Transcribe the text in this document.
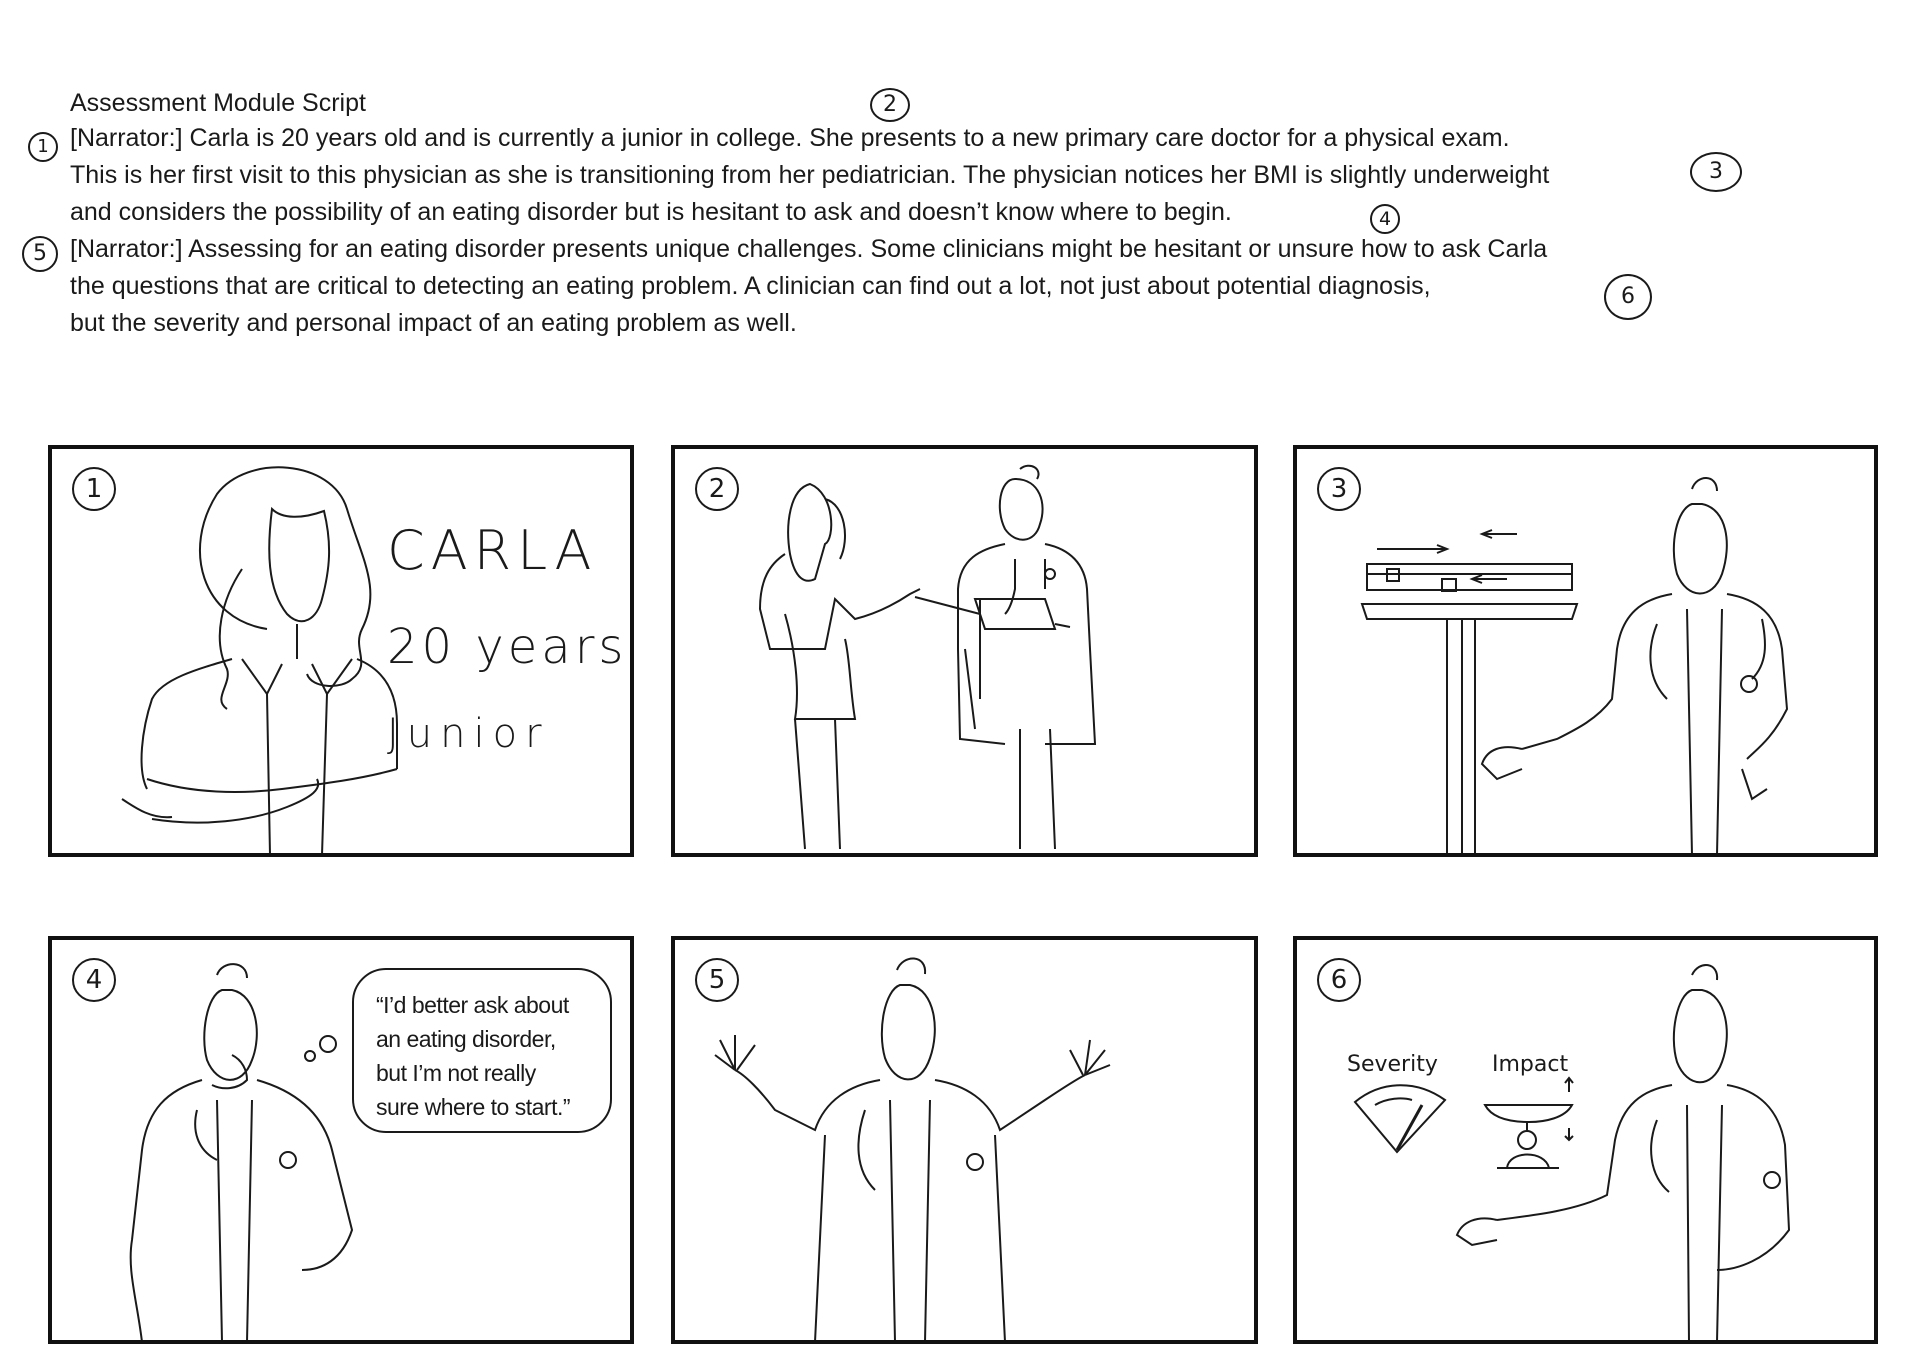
Assessment Module Script

[Narrator:] Carla is 20 years old and is currently a junior in college. She presents to a new primary care doctor for a physical exam.

This is her first visit to this physician as she is transitioning from her pediatrician. The physician notices her BMI is slightly underweight

and considers the possibility of an eating disorder but is hesitant to ask and doesn’t know where to begin.

[Narrator:] Assessing for an eating disorder presents unique challenges. Some clinicians might be hesitant or unsure how to ask Carla

the questions that are critical to detecting an eating problem. A clinician can find out a lot, not just about potential diagnosis,

but the severity and personal impact of an eating problem as well.

1
2
3
4
5
6
1
CARLA
20 years
Junior
2	3
4
“I’d better ask about
an eating disorder,
but I’m not really
sure where to start.”
5	6
Severity Impact
